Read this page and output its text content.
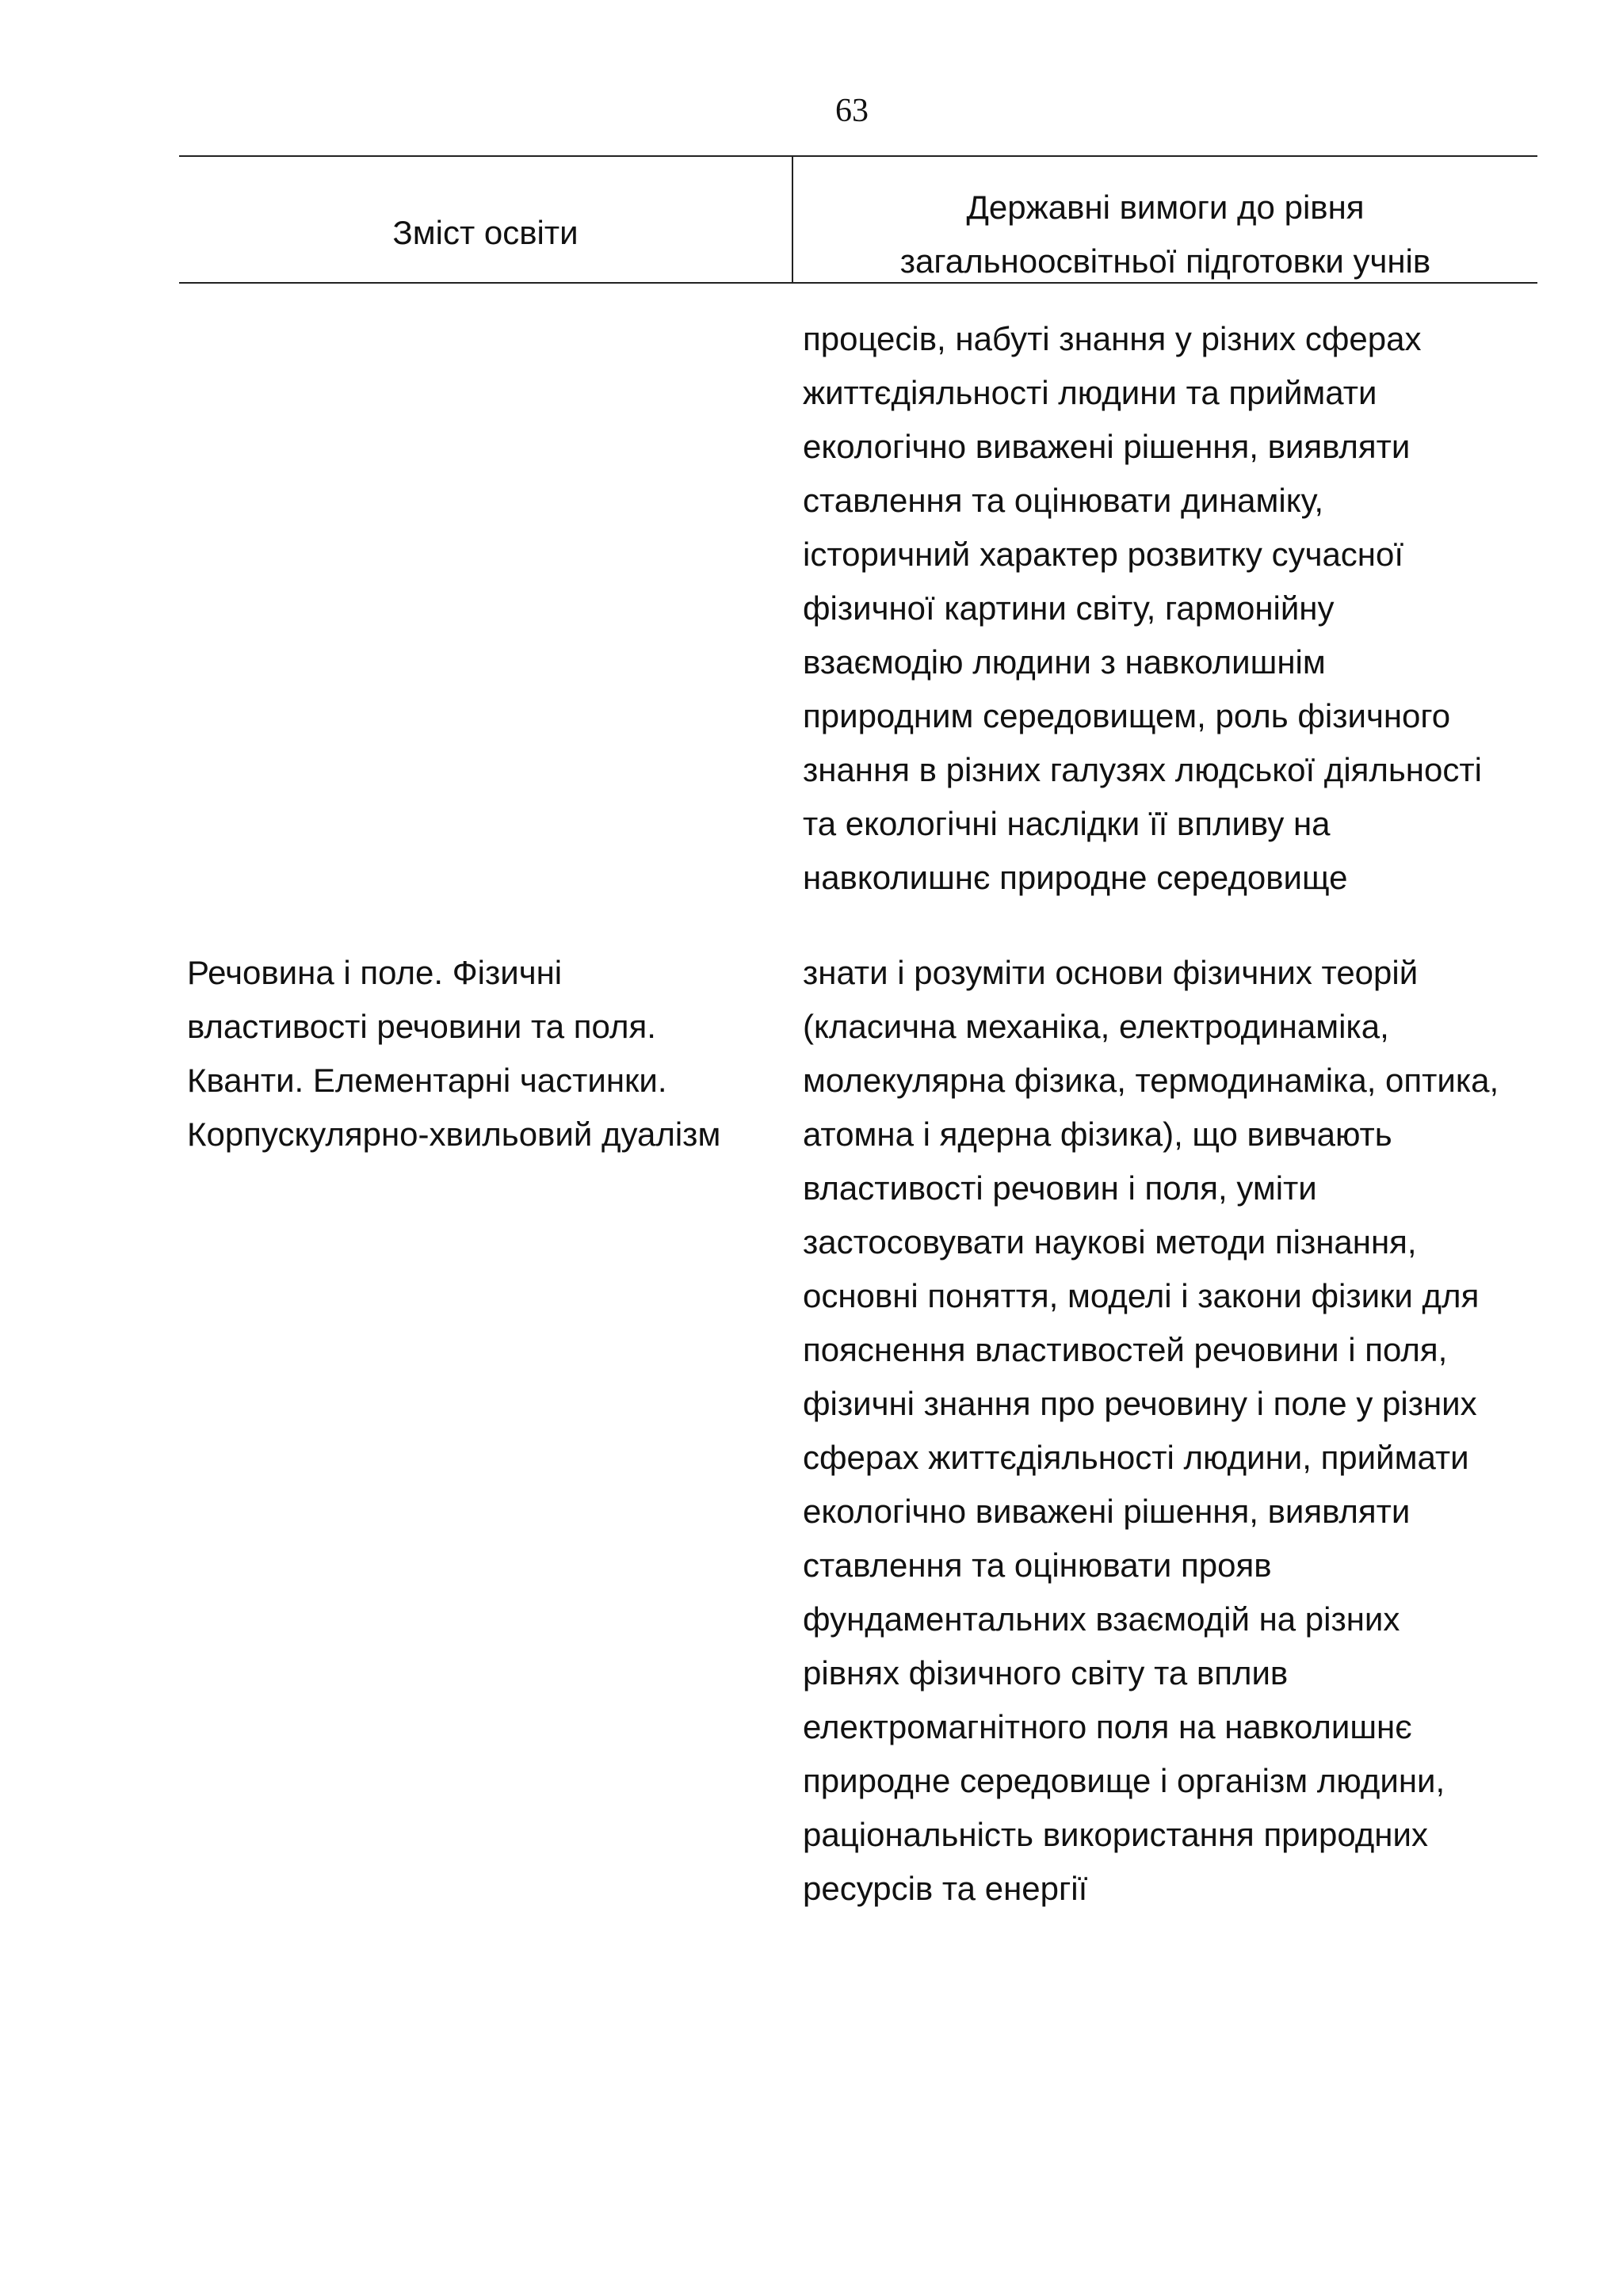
63
Зміст освіти
Державні вимоги до рівня
загальноосвітньої підготовки учнів
процесів, набуті знання у різних сферах
життєдіяльності людини та приймати
екологічно виважені рішення, виявляти
ставлення та оцінювати динаміку,
історичний характер розвитку сучасної
фізичної картини світу, гармонійну
взаємодію людини з навколишнім
природним середовищем, роль фізичного
знання в різних галузях людської діяльності
та екологічні наслідки її впливу на
навколишнє природне середовище
Речовина і поле. Фізичні
властивості речовини та поля.
Кванти. Елементарні частинки.
Корпускулярно-хвильовий дуалізм
знати і розуміти основи фізичних теорій
(класична механіка, електродинаміка,
молекулярна фізика, термодинаміка, оптика,
атомна і ядерна фізика), що вивчають
властивості речовин і поля, уміти
застосовувати наукові методи пізнання,
основні поняття, моделі і закони фізики для
пояснення властивостей речовини і поля,
фізичні знання про речовину і поле у різних
сферах життєдіяльності людини, приймати
екологічно виважені рішення, виявляти
ставлення та оцінювати прояв
фундаментальних взаємодій на різних
рівнях фізичного світу та вплив
електромагнітного поля на навколишнє
природне середовище і організм людини,
раціональність використання природних
ресурсів та енергії
